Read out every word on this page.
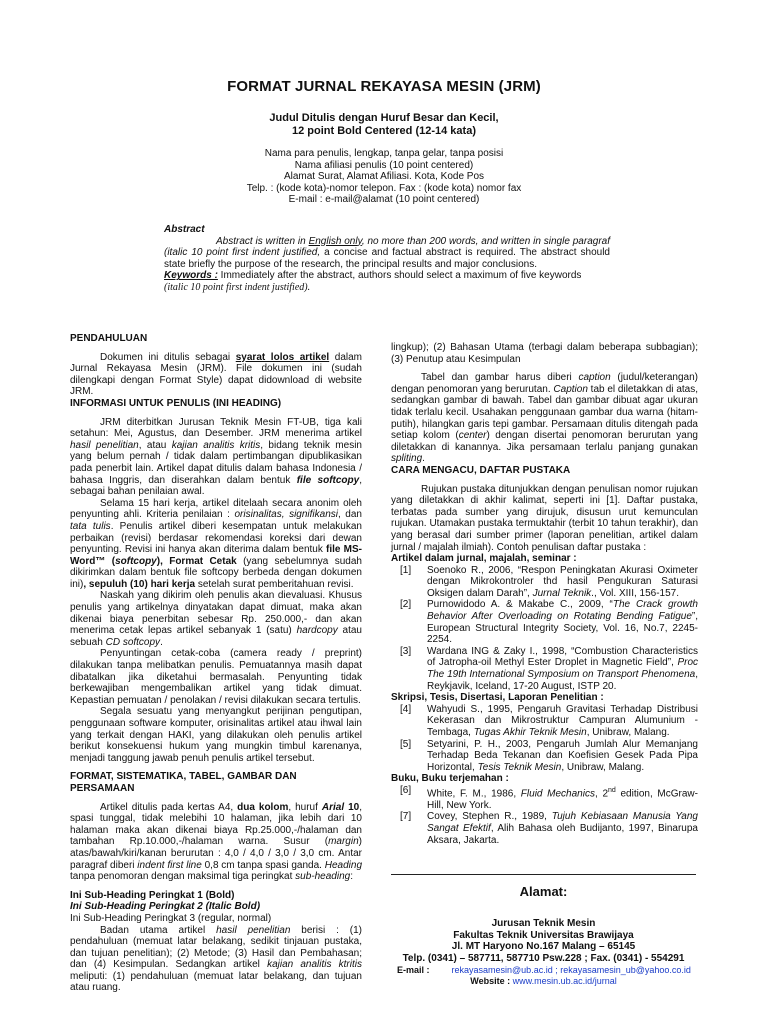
FORMAT JURNAL REKAYASA MESIN (JRM)
Judul Ditulis dengan Huruf Besar dan Kecil,
12 point Bold Centered (12-14 kata)
Nama para penulis, lengkap, tanpa gelar, tanpa posisi
Nama afiliasi penulis (10 point centered)
Alamat Surat, Alamat Afiliasi. Kota, Kode Pos
Telp. : (kode kota)-nomor telepon. Fax : (kode kota) nomor fax
E-mail : e-mail@alamat (10 point centered)
Abstract

Abstract is written in English only, no more than 200 words, and written in single paragraf (italic 10 point first indent justified, a concise and factual abstract is required. The abstract should state briefly the purpose of the research, the principal results and major conclusions.

Keywords : Immediately after the abstract, authors should select a maximum of five keywords

(italic 10 point first indent justified).

PENDAHULUAN

Dokumen ini ditulis sebagai syarat lolos artikel dalam Jurnal Rekayasa Mesin (JRM). File dokumen ini (sudah dilengkapi dengan Format Style) dapat didownload di website JRM.

INFORMASI UNTUK PENULIS (INI HEADING)

JRM diterbitkan Jurusan Teknik Mesin FT-UB, tiga kali setahun: Mei, Agustus, dan Desember. JRM menerima artikel hasil penelitian, atau kajian analitis kritis, bidang teknik mesin yang belum pernah / tidak dalam pertimbangan dipublikasikan pada penerbit lain. Artikel dapat ditulis dalam bahasa Indonesia / bahasa Inggris, dan diserahkan dalam bentuk file softcopy, sebagai bahan penilaian awal.

Selama 15 hari kerja, artikel ditelaah secara anonim oleh penyunting ahli. Kriteria penilaian : orisinalitas, signifikansi, dan tata tulis. Penulis artikel diberi kesempatan untuk melakukan perbaikan (revisi) berdasar rekomendasi koreksi dari dewan penyunting. Revisi ini hanya akan diterima dalam bentuk file MS-Word™ (softcopy), Format Cetak (yang sebelumnya sudah dikirimkan dalam bentuk file softcopy berbeda dengan dokumen ini), sepuluh (10) hari kerja setelah surat pemberitahuan revisi.

Naskah yang dikirim oleh penulis akan dievaluasi. Khusus penulis yang artikelnya dinyatakan dapat dimuat, maka akan dikenai biaya penerbitan sebesar Rp. 250.000,- dan akan menerima cetak lepas artikel sebanyak 1 (satu) hardcopy atau sebuah CD softcopy.

Penyuntingan cetak-coba (camera ready / preprint) dilakukan tanpa melibatkan penulis. Pemuatannya masih dapat dibatalkan jika diketahui bermasalah. Penyunting tidak berkewajiban mengembalikan artikel yang tidak dimuat. Kepastian pemuatan / penolakan / revisi dilakukan secara tertulis.

Segala sesuatu yang menyangkut perijinan pengutipan, penggunaan software komputer, orisinalitas artikel atau ihwal lain yang terkait dengan HAKI, yang dilakukan oleh penulis artikel berikut konsekuensi hukum yang mungkin timbul karenanya, menjadi tanggung jawab penuh penulis artikel tersebut.

FORMAT, SISTEMATIKA, TABEL, GAMBAR DAN PERSAMAAN

Artikel ditulis pada kertas A4, dua kolom, huruf Arial 10, spasi tunggal, tidak melebihi 10 halaman, jika lebih dari 10 halaman maka akan dikenai biaya Rp.25.000,-/halaman dan tambahan Rp.10.000,-/halaman warna. Susur (margin) atas/bawah/kiri/kanan berurutan : 4,0 / 4,0 / 3,0 / 3,0 cm. Antar paragraf diberi indent first line 0,8 cm tanpa spasi ganda. Heading tanpa penomoran dengan maksimal tiga peringkat sub-heading:

Ini Sub-Heading Peringkat 1 (Bold)

Ini Sub-Heading Peringkat 2 (Italic Bold)

Ini Sub-Heading Peringkat 3 (regular, normal)

Badan utama artikel hasil penelitian berisi : (1) pendahuluan (memuat latar belakang, sedikit tinjauan pustaka, dan tujuan penelitian); (2) Metode; (3) Hasil dan Pembahasan; dan (4) Kesimpulan. Sedangkan artikel kajian analitis ktritis meliputi: (1) pendahuluan (memuat latar belakang, dan tujuan atau ruang.

lingkup); (2) Bahasan Utama (terbagi dalam beberapa subbagian); (3) Penutup atau Kesimpulan

Tabel dan gambar harus diberi caption (judul/keterangan) dengan penomoran yang berurutan. Caption tab el diletakkan di atas, sedangkan gambar di bawah. Tabel dan gambar dibuat agar ukuran tidak terlalu kecil. Usahakan penggunaan gambar dua warna (hitam-putih), hilangkan garis tepi gambar. Persamaan ditulis ditengah pada setiap kolom (center) dengan disertai penomoran berurutan yang diletakkan di kanannya. Jika persamaan terlalu panjang gunakan spliting.

CARA MENGACU, DAFTAR PUSTAKA

Rujukan pustaka ditunjukkan dengan penulisan nomor rujukan yang diletakkan di akhir kalimat, seperti ini [1]. Daftar pustaka, terbatas pada sumber yang dirujuk, disusun urut kemunculan rujukan. Utamakan pustaka termuktahir (terbit 10 tahun terakhir), dan yang berasal dari sumber primer (laporan penelitian, artikel dalam jurnal / majalah ilmiah). Contoh penulisan daftar pustaka :

Artikel dalam jurnal, majalah, seminar :

[1] Soenoko R., 2006, “Respon Peningkatan Akurasi Oximeter dengan Mikrokontroler thd hasil Pengukuran Saturasi Oksigen dalam Darah”, Jurnal Teknik., Vol. XIII, 156-157.
[2] Purnowidodo A. & Makabe C., 2009, “The Crack growth Behavior After Overloading on Rotating Bending Fatigue”, European Structural Integrity Society, Vol. 16, No.7, 2245-2254.
[3] Wardana ING & Zaky I., 1998, “Combustion Characteristics of Jatropha-oil Methyl Ester Droplet in Magnetic Field”, Proc The 19th International Symposium on Transport Phenomena, Reykjavik, Iceland, 17-20 August, ISTP 20.

Skripsi, Tesis, Disertasi, Laporan Penelitian :

[4] Wahyudi S., 1995, Pengaruh Gravitasi Terhadap Distribusi Kekerasan dan Mikrostruktur Campuran Alumunium - Tembaga, Tugas Akhir Teknik Mesin, Unibraw, Malang.
[5] Setyarini, P. H., 2003, Pengaruh Jumlah Alur Memanjang Terhadap Beda Tekanan dan Koefisien Gesek Pada Pipa Horizontal, Tesis Teknik Mesin, Unibraw, Malang.

Buku, Buku terjemahan :

[6] White, F. M., 1986, Fluid Mechanics, 2nd edition, McGraw-Hill, New York.
[7] Covey, Stephen R., 1989, Tujuh Kebiasaan Manusia Yang Sangat Efektif, Alih Bahasa oleh Budijanto, 1997, Binarupa Aksara, Jakarta.
Alamat:
Jurusan Teknik Mesin
Fakultas Teknik Universitas Brawijaya
Jl. MT Haryono No.167 Malang – 65145
Telp. (0341) – 587711, 587710 Psw.228 ; Fax. (0341) - 554291
E-mail : rekayasamesin@ub.ac.id ; rekayasamesin_ub@yahoo.co.id
Website : www.mesin.ub.ac.id/jurnal
